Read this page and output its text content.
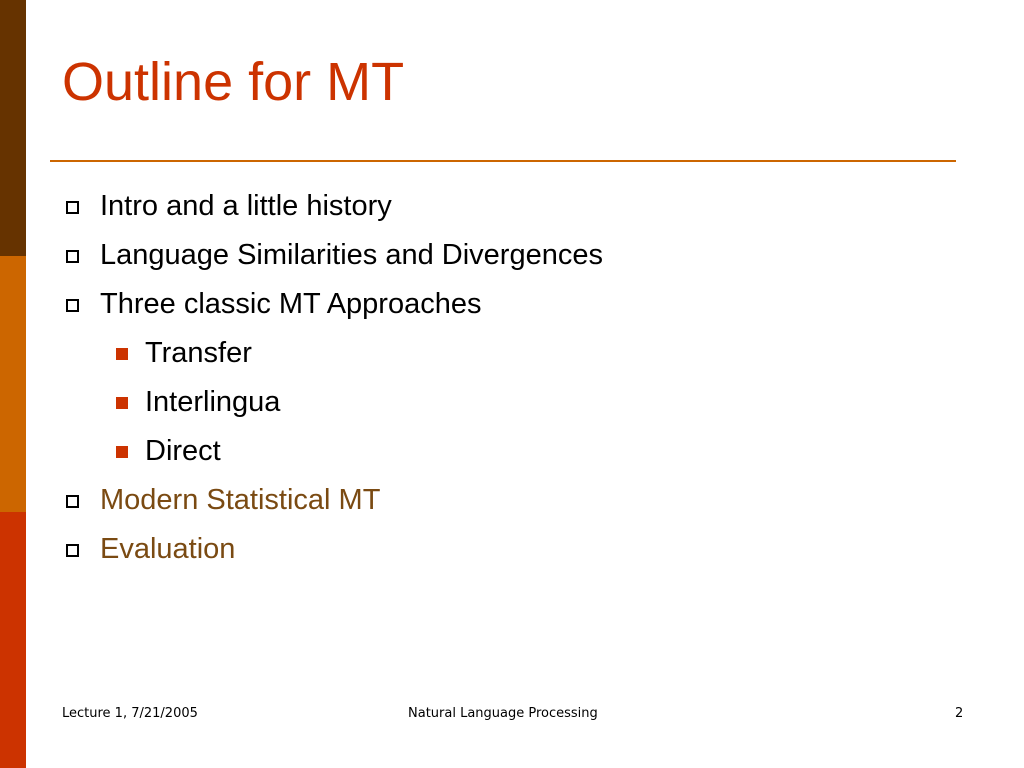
Outline for MT
Intro and a little history
Language Similarities and Divergences
Three classic MT Approaches
Transfer
Interlingua
Direct
Modern Statistical MT
Evaluation
Lecture 1, 7/21/2005	Natural Language Processing	2
